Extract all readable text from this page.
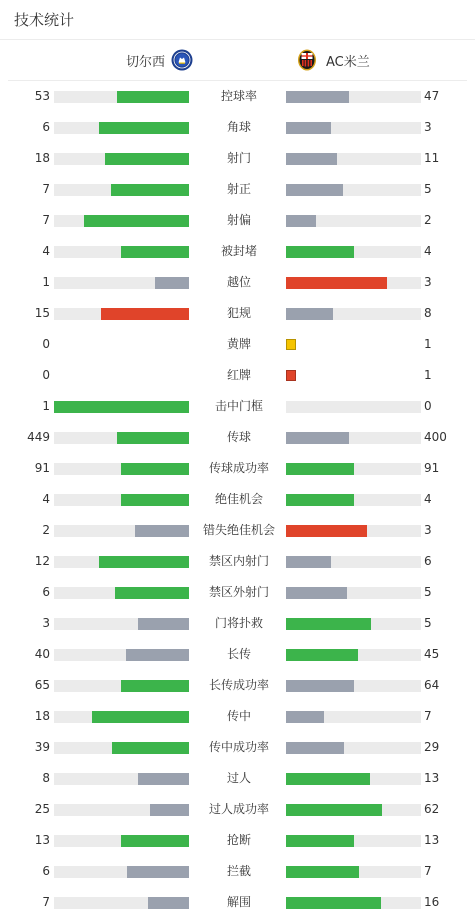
技术统计
切尔西	AC米兰
53	控球率	47
6	角球	3
18	射门	11
7	射正	5
7	射偏	2
4	被封堵	4
1	越位	3
15	犯规	8
0	黄牌	1
0	红牌	1
1	击中门框	0
449	传球	400
91	传球成功率	91
4	绝佳机会	4
2	错失绝佳机会	3
12	禁区内射门	6
6	禁区外射门	5
3	门将扑救	5
40	长传	45
65	长传成功率	64
18	传中	7
39	传中成功率	29
8	过人	13
25	过人成功率	62
13	抢断	13
6	拦截	7
7	解围	16
